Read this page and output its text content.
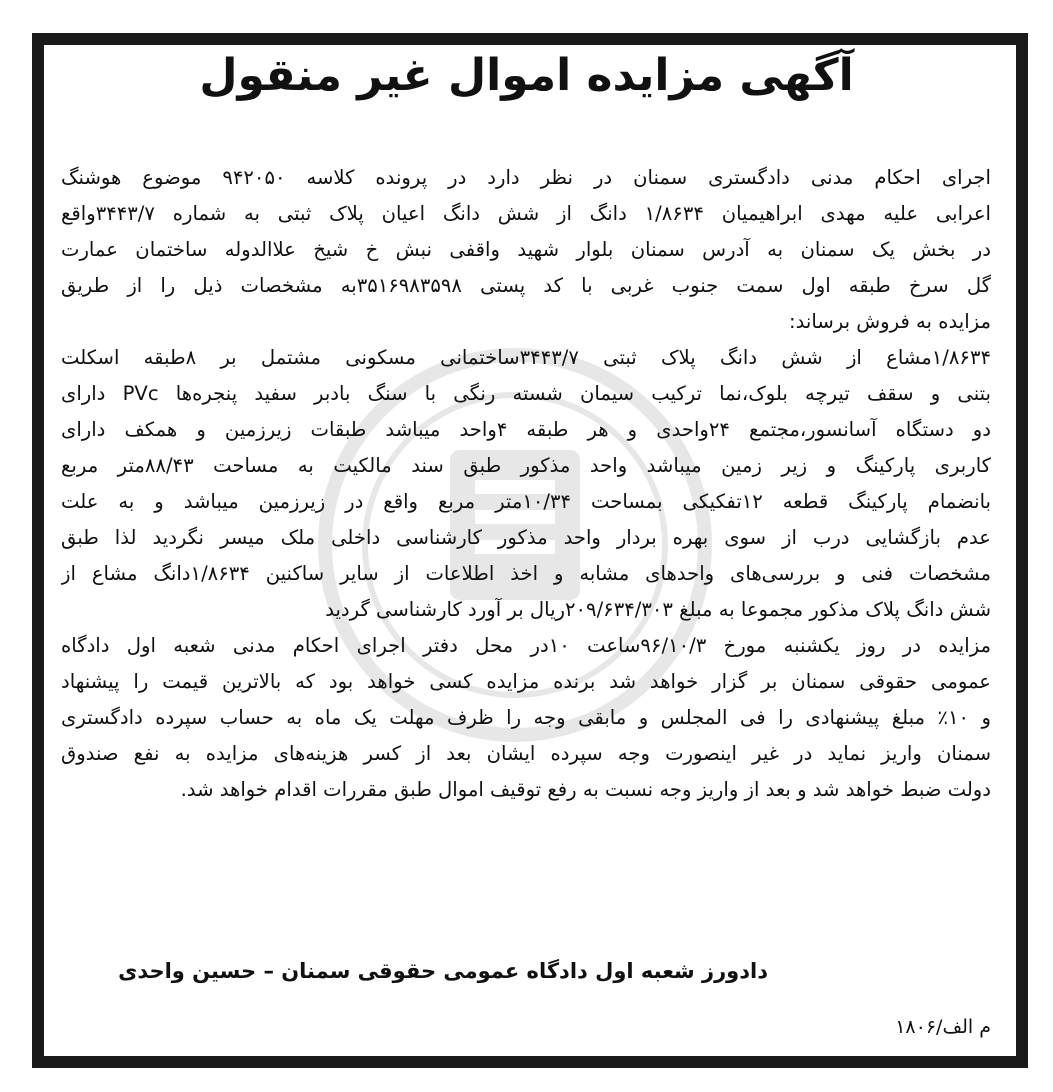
آگهی مزایده اموال غیر منقول
اجرای احکام مدنی دادگستری سمنان در نظر دارد در پرونده کلاسه ۹۴۲۰۵۰ موضوع هوشنگ
اعرابی علیه مهدی ابراهیمیان ۱/۸۶۳۴ دانگ از شش دانگ اعیان پلاک ثبتی به شماره ۳۴۴۳/۷واقع
در بخش یک سمنان به آدرس سمنان بلوار شهید واقفی نبش خ شیخ علاالدوله ساختمان عمارت
گل سرخ طبقه اول سمت جنوب غربی با کد پستی ۳۵۱۶۹۸۳۵۹۸به مشخصات ذیل را از طریق
مزایده به فروش برساند:
۱/۸۶۳۴مشاع از شش دانگ پلاک ثبتی ۳۴۴۳/۷ساختمانی مسکونی مشتمل بر ۸طبقه اسکلت
بتنی و سقف تیرچه بلوک،نما ترکیب سیمان شسته رنگی با سنگ بادبر سفید پنجره‌ها PVc دارای
دو دستگاه آسانسور،مجتمع ۲۴واحدی و هر طبقه ۴واحد میباشد طبقات زیرزمین و همکف دارای
کاربری پارکینگ و زیر زمین میباشد واحد مذکور طبق سند مالکیت به مساحت ۸۸/۴۳متر مربع
بانضمام پارکینگ قطعه ۱۲تفکیکی بمساحت ۱۰/۳۴متر مربع واقع در زیرزمین میباشد و به علت
عدم بازگشایی درب از سوی بهره بردار واحد مذکور کارشناسی داخلی ملک میسر نگردید لذا طبق
مشخصات فنی و بررسی‌های واحدهای مشابه و اخذ اطلاعات از سایر ساکنین ۱/۸۶۳۴دانگ مشاع از
شش دانگ پلاک مذکور مجموعا به مبلغ ۲۰۹/۶۳۴/۳۰۳ریال بر آورد کارشناسی گردید
مزایده در روز یکشنبه مورخ ۹۶/۱۰/۳ساعت ۱۰در محل دفتر اجرای احکام مدنی شعبه اول دادگاه
عمومی حقوقی سمنان بر گزار خواهد شد برنده مزایده کسی خواهد بود که بالاترین قیمت را پیشنهاد
و ۱۰٪ مبلغ پیشنهادی را فی المجلس و مابقی وجه را ظرف مهلت یک ماه به حساب سپرده دادگستری
سمنان واریز نماید در غیر اینصورت وجه سپرده ایشان بعد از کسر هزینه‌های مزایده به نفع صندوق
دولت ضبط خواهد شد و بعد از واریز وجه نسبت به رفع توقیف اموال طبق مقررات اقدام خواهد شد.
دادورز شعبه اول دادگاه عمومی حقوقی سمنان – حسین واحدی
م الف/۱۸۰۶
